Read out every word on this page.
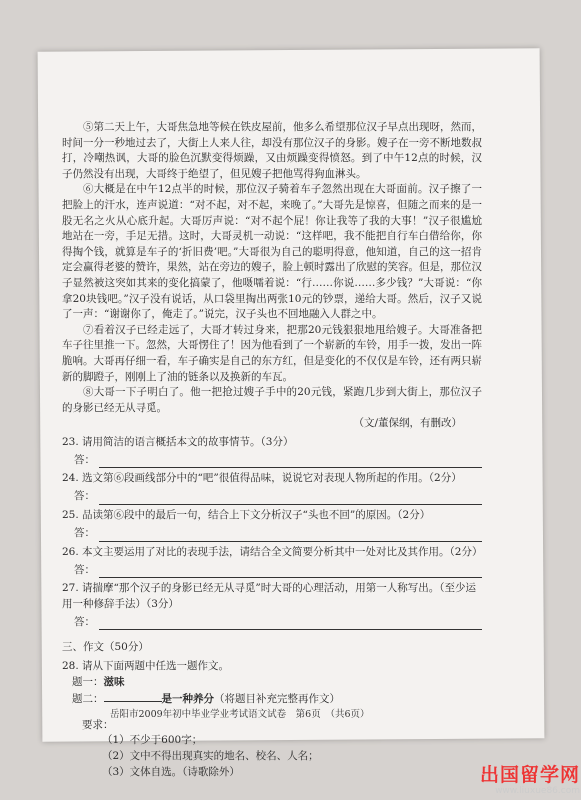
⑤第二天上午，大哥焦急地等候在铁皮屋前，他多么希望那位汉子早点出现呀，然而，时间一分一秒地过去了，大街上人来人往，却没有那位汉子的身影。嫂子在一旁不断地数叔打，冷嘲热讽，大哥的脸色沉默变得烦躁，又由烦躁变得愤怒。到了中午12点的时候，汉子仍然没有出现，大哥终于绝望了，但见嫂子把他骂得狗血淋头。

⑥大概是在中午12点半的时候，那位汉子骑着车子忽然出现在大哥面前。汉子擦了一把脸上的汗水，连声说道：“对不起，对不起，来晚了。”大哥先是惊喜，但随之而来的是一股无名之火从心底升起。大哥厉声说：“对不起个屁！你让我等了我的大事！”汉子很尴尬地站在一旁，手足无措。这时，大哥灵机一动说：“这样吧，我不能把自行车白借给你，你得掏个钱，就算是车子的‘折旧费’吧。”大哥很为自己的聪明得意，他知道，自己的这一招肯定会赢得老婆的赞许，果然，站在旁边的嫂子，脸上顿时露出了欣慰的笑容。但是，那位汉子显然被这突如其来的变化搞蒙了，他嗫嚅着说：“行……你说……多少钱？”大哥说：“你拿20块钱吧。”汉子没有说话，从口袋里掏出两张10元的钞票，递给大哥。然后，汉子又说了一声：“谢谢你了，俺走了。”说完，汉子头也不回地融入人群之中。

⑦看着汉子已经走远了，大哥才转过身来，把那20元钱狠狠地甩给嫂子。大哥准备把车子往里推一下。忽然，大哥愣住了！因为他看到了一个崭新的车铃，用手一拨，发出一阵脆响。大哥再仔细一看，车子确实是自己的东方红，但是变化的不仅仅是车铃，还有两只崭新的脚蹬子，刚刚上了油的链条以及换新的车瓦。

⑧大哥一下子明白了。他一把抢过嫂子手中的20元钱，紧跑几步到大街上，那位汉子的身影已经无从寻觅。

（文/董保纲，有删改）

23. 请用简洁的语言概括本文的故事情节。（3分）

答：

24. 选文第⑥段画线部分中的“吧”很值得品味，说说它对表现人物所起的作用。（2分）

答：

25. 品读第⑥段中的最后一句，结合上下文分析汉子“头也不回”的原因。（2分）

答：

26. 本文主要运用了对比的表现手法，请结合全文简要分析其中一处对比及其作用。（2分）

答：

27. 请揣摩“那个汉子的身影已经无从寻觅”时大哥的心理活动，用第一人称写出。（至少运用一种修辞手法）（3分）

答：

三、作文（50分）

28. 请从下面两题中任选一题作文。

题一：滋味

题二：	是一种养分（将题目补充完整再作文）

要求：

（1）不少于600字；

（2）文中不得出现真实的地名、校名、人名；

（3）文体自选。（诗歌除外）

岳阳市2009年初中毕业学业考试语文试卷　第6页　（共6页）
出国留学网
www.liuxue86.com
